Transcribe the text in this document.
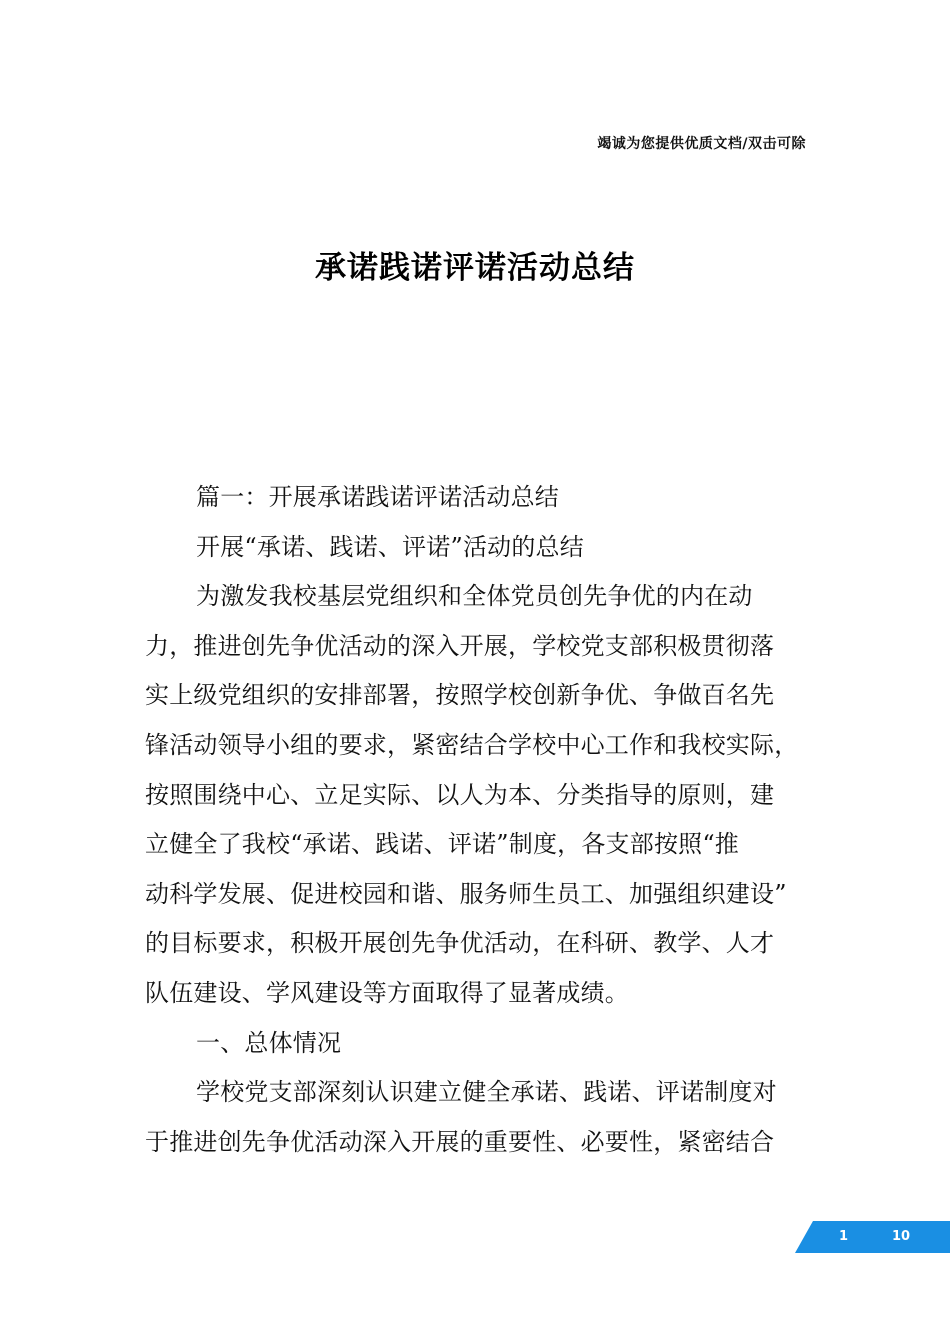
竭诚为您提供优质文档/双击可除
承诺践诺评诺活动总结
篇一：开展承诺践诺评诺活动总结
开展“承诺、践诺、评诺”活动的总结
为激发我校基层党组织和全体党员创先争优的内在动
力，推进创先争优活动的深入开展，学校党支部积极贯彻落
实上级党组织的安排部署，按照学校创新争优、争做百名先
锋活动领导小组的要求，紧密结合学校中心工作和我校实际，
按照围绕中心、立足实际、以人为本、分类指导的原则，建
立健全了我校“承诺、践诺、评诺”制度，各支部按照“推
动科学发展、促进校园和谐、服务师生员工、加强组织建设”
的目标要求，积极开展创先争优活动，在科研、教学、人才
队伍建设、学风建设等方面取得了显著成绩。
一、总体情况
学校党支部深刻认识建立健全承诺、践诺、评诺制度对
于推进创先争优活动深入开展的重要性、必要性，紧密结合
1	10
